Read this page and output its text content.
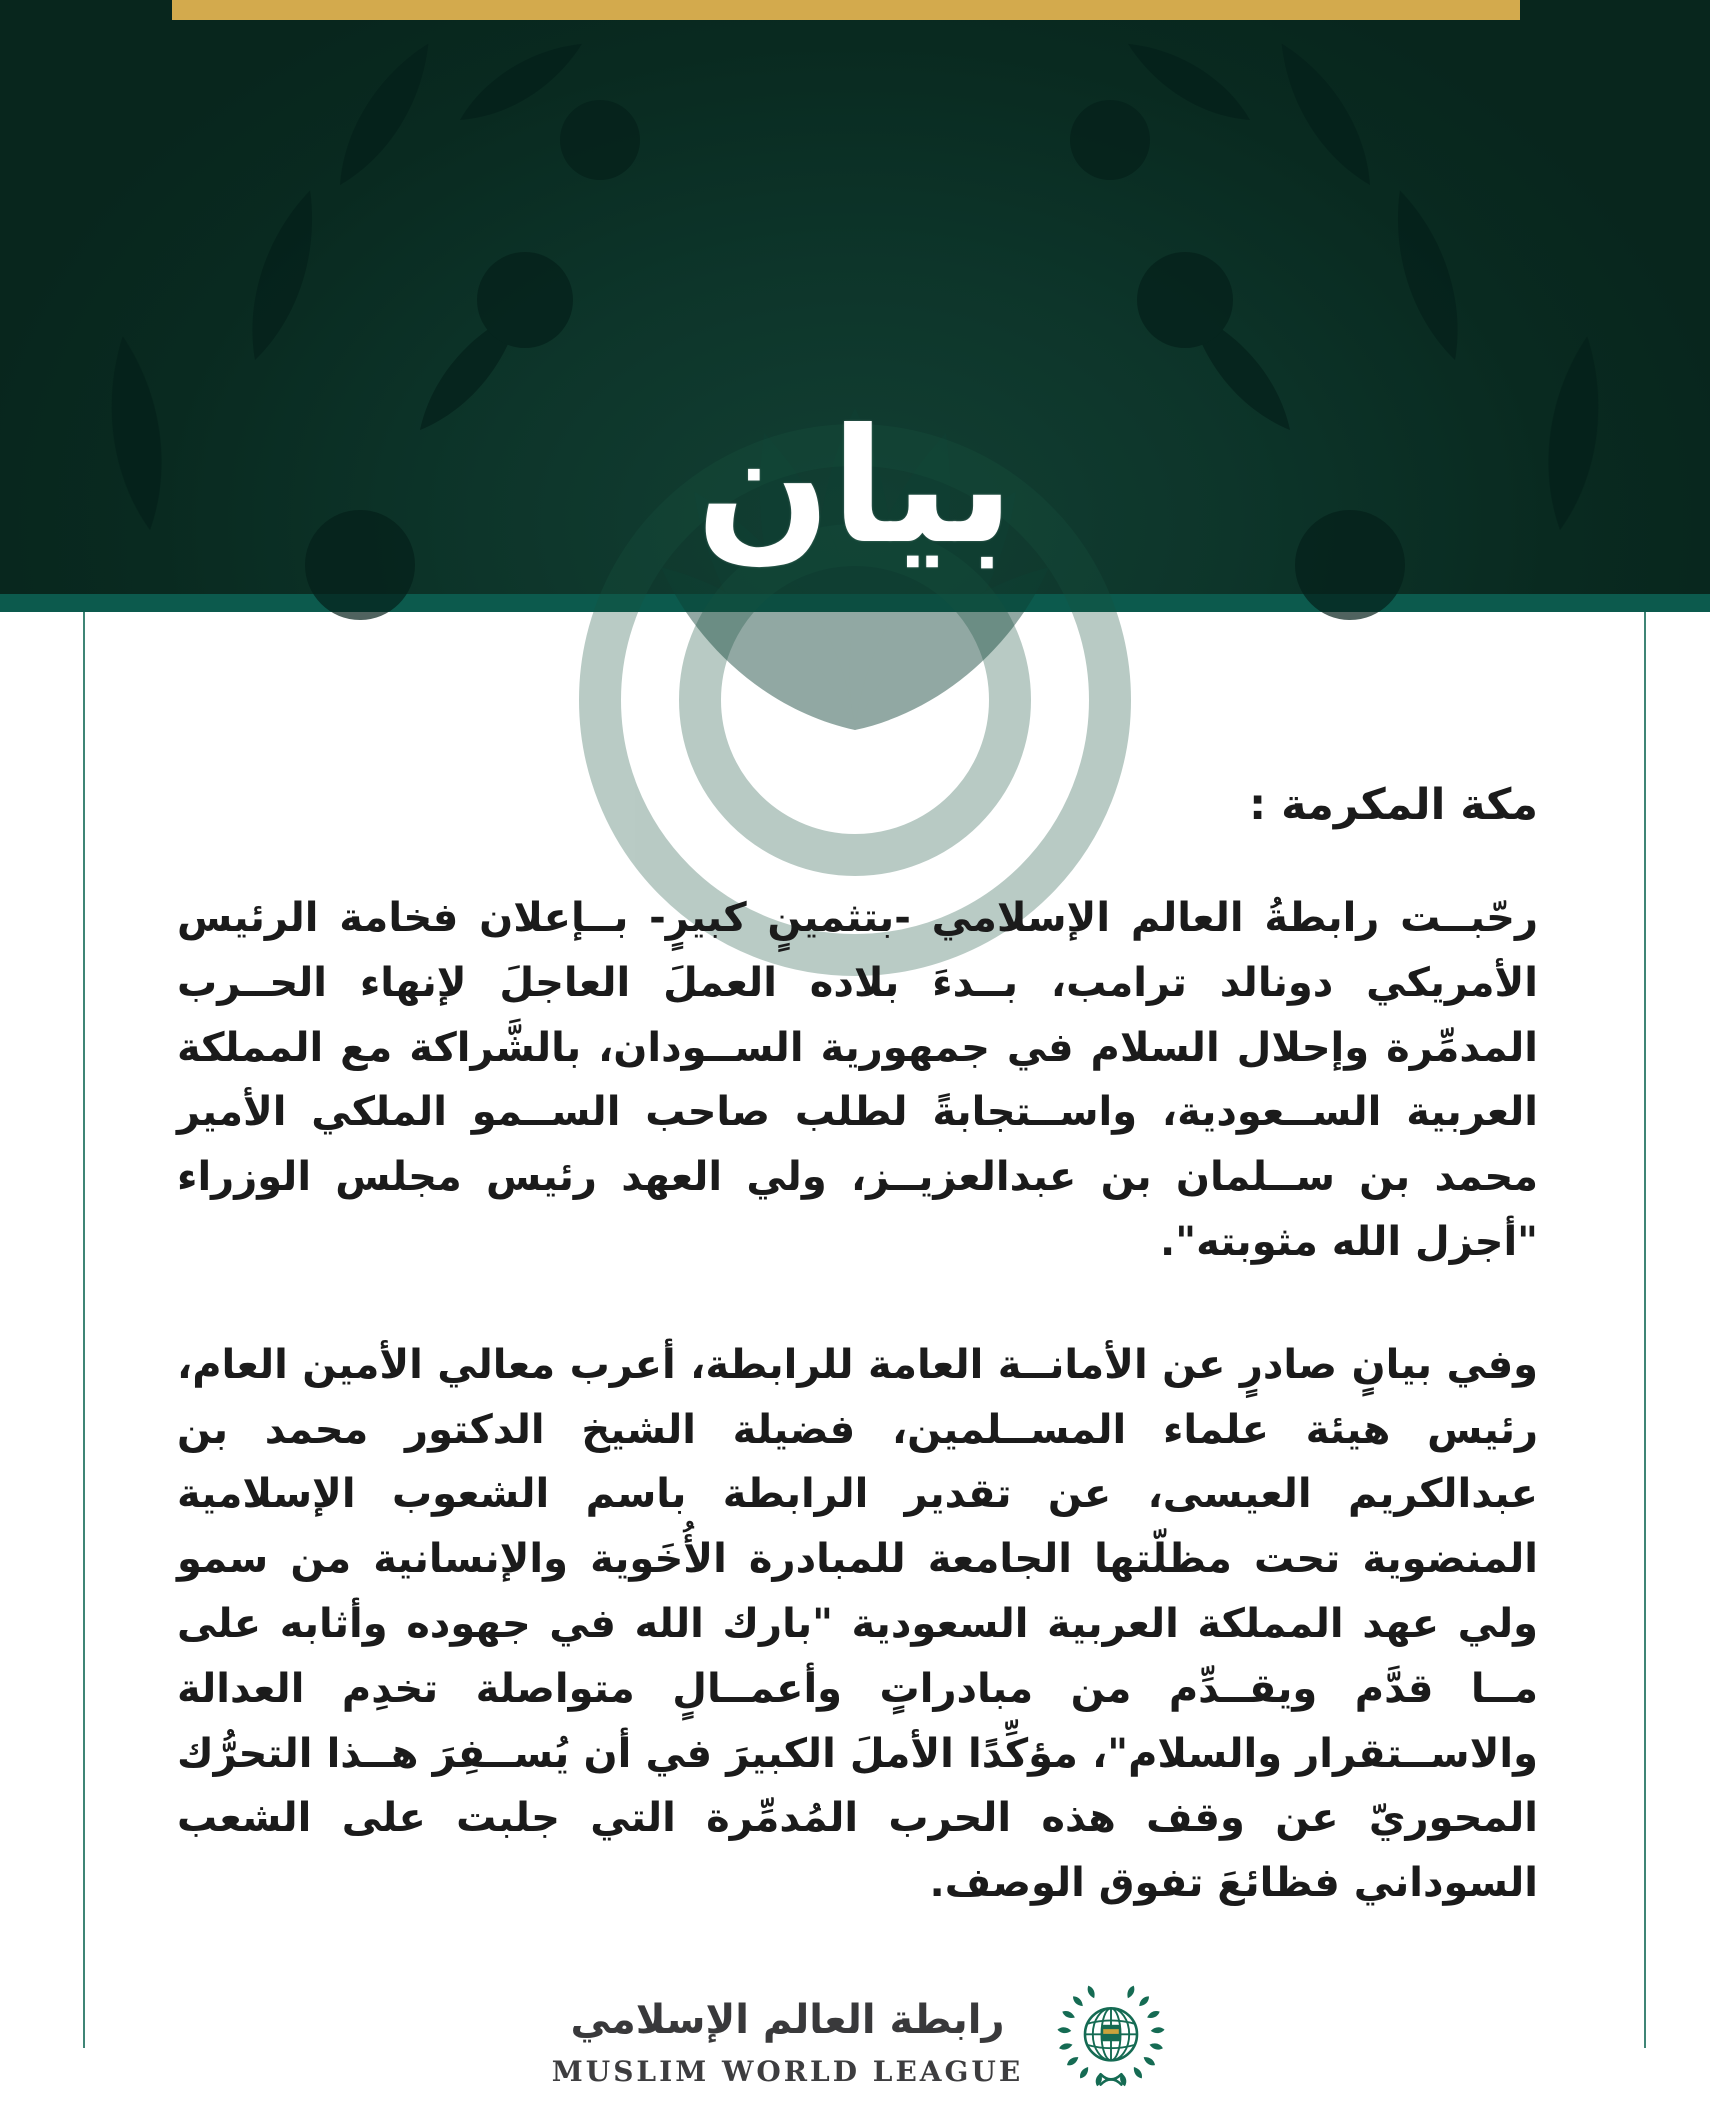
بيان
مكة المكرمة :

رحّبــت رابطةُ العالم الإسلامي -بتثمينٍ كبيرٍ- بــإعلان فخامة الرئيس الأمريكي دونالد ترامب، بــدءَ بلاده العملَ العاجلَ لإنهاء الحــرب المدمِّرة وإحلال السلام في جمهورية الســودان، بالشَّراكة مع المملكة العربية الســعودية، واســتجابةً لطلب صاحب الســمو الملكي الأمير محمد بن ســلمان بن عبدالعزيــز، ولي العهد رئيس مجلس الوزراء "أجزل الله مثوبته".

وفي بيانٍ صادرٍ عن الأمانــة العامة للرابطة، أعرب معالي الأمين العام، رئيس هيئة علماء المســلمين، فضيلة الشيخ الدكتور محمد بن عبدالكريم العيسى، عن تقدير الرابطة باسم الشعوب الإسلامية المنضوية تحت مظلّتها الجامعة للمبادرة الأُخَوية والإنسانية من سمو ولي عهد المملكة العربية السعودية "بارك الله في جهوده وأثابه على مــا قدَّم ويقــدِّم من مبادراتٍ وأعمــالٍ متواصلة تخدِم العدالة والاســتقرار والسلام"، مؤكِّدًا الأملَ الكبيرَ في أن يُســفِرَ هــذا التحرُّك المحوريّ عن وقف هذه الحرب المُدمِّرة التي جلبت على الشعب السوداني فظائعَ تفوق الوصف.

رابطة العالم الإسلامي
MUSLIM WORLD LEAGUE
